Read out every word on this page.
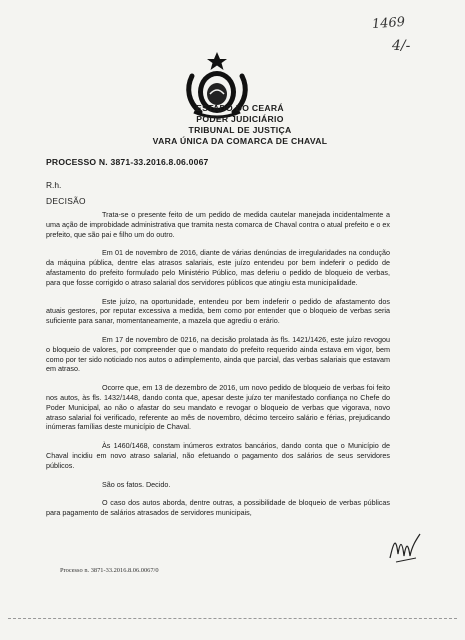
1469
4/-
ESTADO DO CEARÁ
PODER JUDICIÁRIO
TRIBUNAL DE JUSTIÇA
VARA ÚNICA DA COMARCA DE CHAVAL
PROCESSO N. 3871-33.2016.8.06.0067
R.h.
DECISÃO

Trata-se o presente feito de um pedido de medida cautelar manejada incidentalmente a uma ação de improbidade administrativa que tramita nesta comarca de Chaval contra o atual prefeito e o ex prefeito, que são pai e filho um do outro.

Em 01 de novembro de 2016, diante de várias denúncias de irregularidades na condução da máquina pública, dentre elas atrasos salariais, este juízo entendeu por bem indeferir o pedido de afastamento do prefeito formulado pelo Ministério Público, mas deferiu o pedido de bloqueio de verbas, para que fosse corrigido o atraso salarial dos servidores públicos que atingiu esta municipalidade.

Este juízo, na oportunidade, entendeu por bem indeferir o pedido de afastamento dos atuais gestores, por reputar excessiva a medida, bem como por entender que o bloqueio de verbas seria suficiente para sanar, momentaneamente, a mazela que agrediu o erário.

Em 17 de novembro de 0216, na decisão prolatada às fls. 1421/1426, este juízo revogou o bloqueio de valores, por compreender que o mandato do prefeito requerido ainda estava em vigor, bem como por ter sido noticiado nos autos o adimplemento, ainda que parcial, das verbas salariais que estavam em atraso.

Ocorre que, em 13 de dezembro de 2016, um novo pedido de bloqueio de verbas foi feito nos autos, às fls. 1432/1448, dando conta que, apesar deste juízo ter manifestado confiança no Chefe do Poder Municipal, ao não o afastar do seu mandato e revogar o bloqueio de verbas que vigorava, novo atraso salarial foi verificado, referente ao mês de novembro, décimo terceiro salário e férias, prejudicando inúmeras famílias deste município de Chaval.

Às 1460/1468, constam inúmeros extratos bancários, dando conta que o Município de Chaval incidiu em novo atraso salarial, não efetuando o pagamento dos salários de seus servidores públicos.

São os fatos. Decido.

O caso dos autos aborda, dentre outras, a possibilidade de bloqueio de verbas públicas para pagamento de salários atrasados de servidores municipais,

Processo n. 3871-33.2016.8.06.0067/0
